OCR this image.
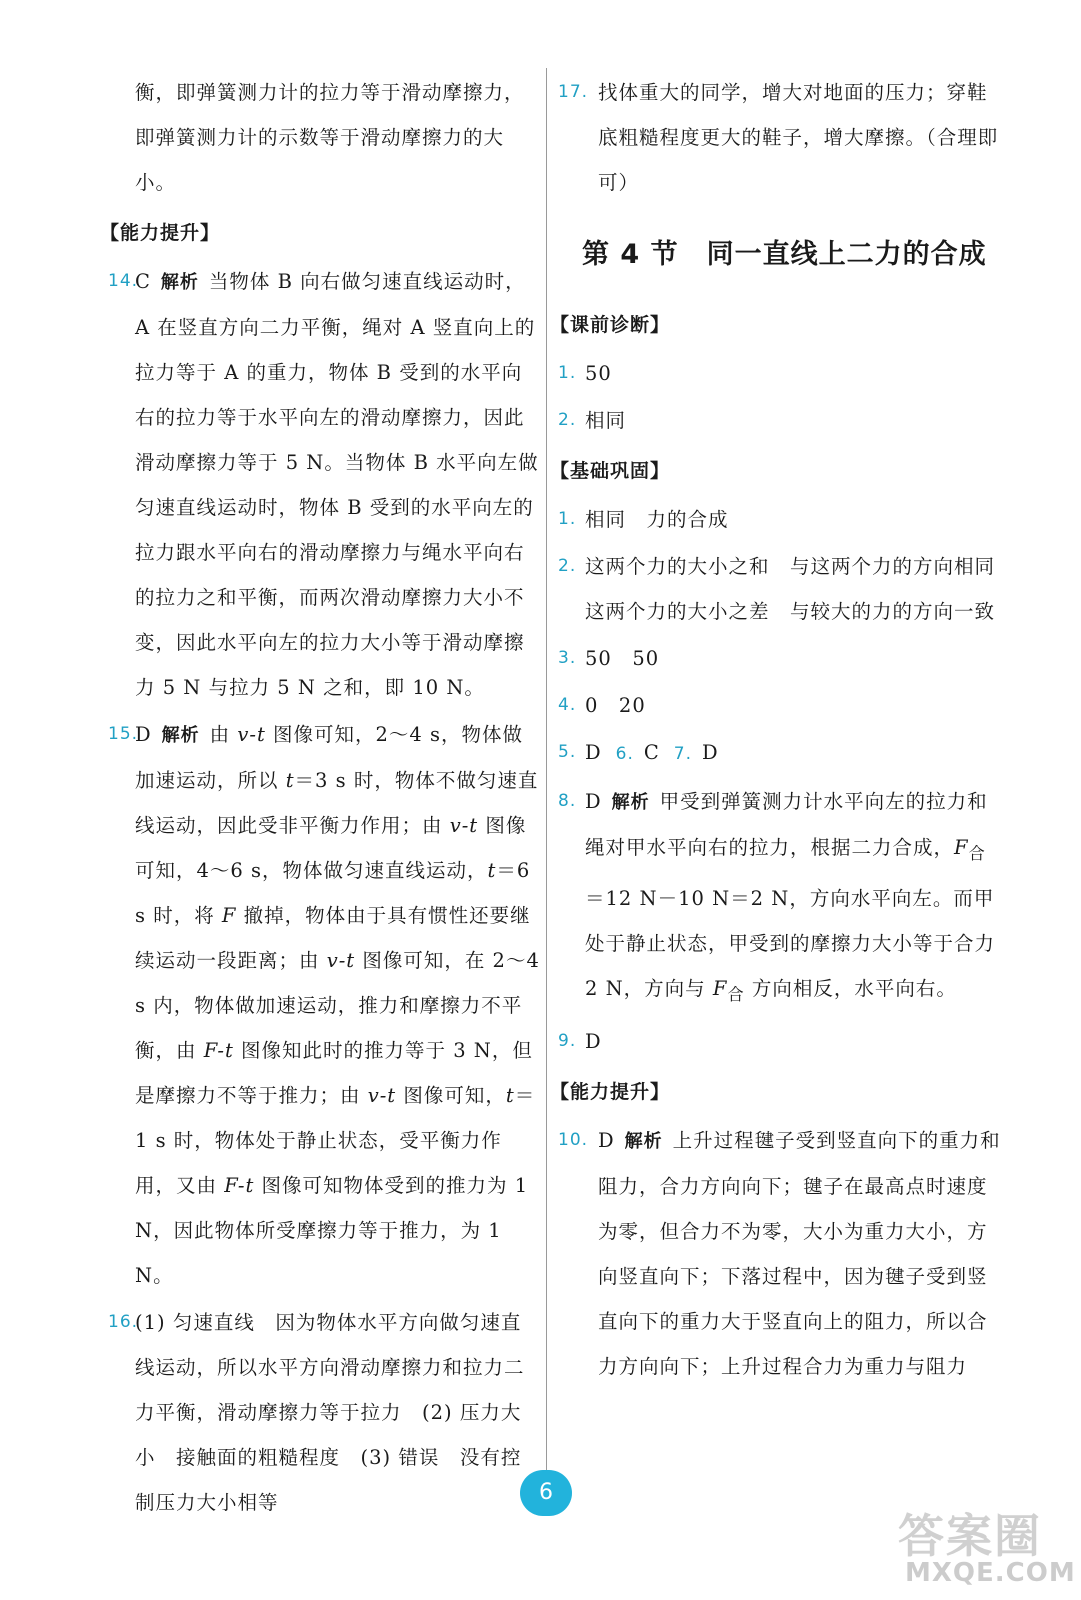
衡，即弹簧测力计的拉力等于滑动摩擦力，即弹簧测力计的示数等于滑动摩擦力的大小。
【能力提升】
14.
C 解析 当物体 B 向右做匀速直线运动时，A 在竖直方向二力平衡，绳对 A 竖直向上的拉力等于 A 的重力，物体 B 受到的水平向右的拉力等于水平向左的滑动摩擦力，因此滑动摩擦力等于 5 N。当物体 B 水平向左做匀速直线运动时，物体 B 受到的水平向左的拉力跟水平向右的滑动摩擦力与绳水平向右的拉力之和平衡，而两次滑动摩擦力大小不变，因此水平向左的拉力大小等于滑动摩擦力 5 N 与拉力 5 N 之和，即 10 N。
15.
D 解析 由 v-t 图像可知，2～4 s，物体做加速运动，所以 t＝3 s 时，物体不做匀速直线运动，因此受非平衡力作用；由 v-t 图像可知，4～6 s，物体做匀速直线运动，t＝6 s 时，将 F 撤掉，物体由于具有惯性还要继续运动一段距离；由 v-t 图像可知，在 2～4 s 内，物体做加速运动，推力和摩擦力不平衡，由 F-t 图像知此时的推力等于 3 N，但是摩擦力不等于推力；由 v-t 图像可知，t＝1 s 时，物体处于静止状态，受平衡力作用，又由 F-t 图像可知物体受到的推力为 1 N，因此物体所受摩擦力等于推力，为 1 N。
16.
(1) 匀速直线　因为物体水平方向做匀速直线运动，所以水平方向滑动摩擦力和拉力二力平衡，滑动摩擦力等于拉力　(2) 压力大小　接触面的粗糙程度　(3) 错误　没有控制压力大小相等
17. 找体重大的同学，增大对地面的压力；穿鞋底粗糙程度更大的鞋子，增大摩擦。（合理即可）
第 4 节　同一直线上二力的合成
【课前诊断】
1. 50
2. 相同
【基础巩固】
1. 相同　力的合成
2. 这两个力的大小之和　与这两个力的方向相同　这两个力的大小之差　与较大的力的方向一致
3. 50　50
4. 0　20
5. D 6. C 7. D
8. D 解析 甲受到弹簧测力计水平向左的拉力和绳对甲水平向右的拉力，根据二力合成，$F_合=12$ N－10 N＝2 N，方向水平向左。而甲处于静止状态，甲受到的摩擦力大小等于合力 2 N，方向与 $F_合$ 方向相反，水平向右。
9. D
【能力提升】
10. D 解析 上升过程毽子受到竖直向下的重力和阻力，合力方向向下；毽子在最高点时速度为零，但合力不为零，大小为重力大小，方向竖直向下；下落过程中，因为毽子受到竖直向下的重力大于竖直向上的阻力，所以合力方向向下；上升过程合力为重力与阻力
6
答案圈
MXQE.COM
